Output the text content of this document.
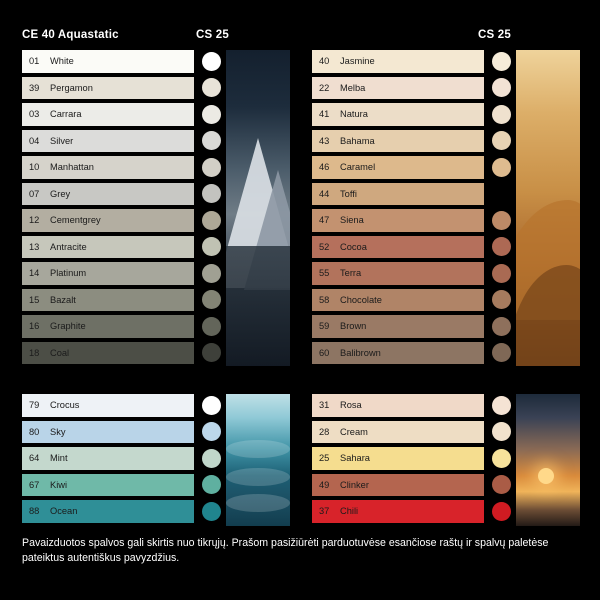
CE 40 Aquastatic	CS 25	CS 25
01	White
39	Pergamon
03	Carrara
04	Silver
10	Manhattan
07	Grey
12	Cementgrey
13	Antracite
14	Platinum
15	Bazalt
16	Graphite
18	Coal
40	Jasmine
22	Melba
41	Natura
43	Bahama
46	Caramel
44	Toffi
47	Siena
52	Cocoa
55	Terra
58	Chocolate
59	Brown
60	Balibrown
79	Crocus
80	Sky
64	Mint
67	Kiwi
88	Ocean
31	Rosa
28	Cream
25	Sahara
49	Clinker
37	Chili
Pavaizduotos spalvos gali skirtis nuo tikrųjų. Prašom pasižiūrėti parduotuvėse esančiose raštų ir spalvų paletėse pateiktus autentiškus pavyzdžius.
